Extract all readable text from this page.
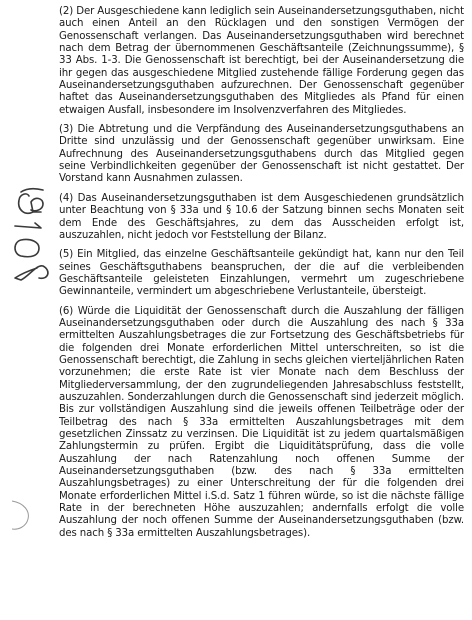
(2) Der Ausgeschiedene kann lediglich sein Auseinandersetzungsguthaben, nicht auch einen Anteil an den Rücklagen und den sonstigen Vermögen der Genossenschaft verlangen. Das Auseinandersetzungsguthaben wird berechnet nach dem Betrag der übernommenen Geschäftsanteile (Zeichnungssumme), § 33 Abs. 1-3. Die Genossenschaft ist berechtigt, bei der Auseinandersetzung die ihr gegen das ausgeschiedene Mitglied zustehende fällige Forderung gegen das Auseinandersetzungsguthaben aufzurechnen. Der Genossenschaft gegenüber haftet das Auseinandersetzungsguthaben des Mitgliedes als Pfand für einen etwaigen Ausfall, insbesondere im Insolvenzverfahren des Mitgliedes.

(3) Die Abtretung und die Verpfändung des Auseinandersetzungsguthabens an Dritte sind unzulässig und der Genossenschaft gegenüber unwirksam. Eine Aufrechnung des Auseinandersetzungsguthabens durch das Mitglied gegen seine Verbindlichkeiten gegenüber der Genossenschaft ist nicht gestattet. Der Vorstand kann Ausnahmen zulassen.

(4) Das Auseinandersetzungsguthaben ist dem Ausgeschiedenen grundsätzlich unter Beachtung von § 33a und § 10.6 der Satzung binnen sechs Monaten seit dem Ende des Geschäftsjahres, zu dem das Ausscheiden erfolgt ist, auszuzahlen, nicht jedoch vor Feststellung der Bilanz.

(5) Ein Mitglied, das einzelne Geschäftsanteile gekündigt hat, kann nur den Teil seines Geschäftsguthabens beanspruchen, der die auf die verbleibenden Geschäftsanteile geleisteten Einzahlungen, vermehrt um zugeschriebene Gewinnanteile, vermindert um abgeschriebene Verlustanteile, übersteigt.

(6) Würde die Liquidität der Genossenschaft durch die Auszahlung der fälligen Auseinandersetzungsguthaben oder durch die Auszahlung des nach § 33a ermittelten Auszahlungsbetrages die zur Fortsetzung des Geschäftsbetriebs für die folgenden drei Monate erforderlichen Mittel unterschreiten, so ist die Genossenschaft berechtigt, die Zahlung in sechs gleichen vierteljährlichen Raten vorzunehmen; die erste Rate ist vier Monate nach dem Beschluss der Mitgliederversammlung, der den zugrundeliegenden Jahresabschluss feststellt, auszuzahlen. Sonderzahlungen durch die Genossenschaft sind jederzeit möglich. Bis zur vollständigen Auszahlung sind die jeweils offenen Teilbeträge oder der Teilbetrag des nach § 33a ermittelten Auszahlungsbetrages mit dem gesetzlichen Zinssatz zu verzinsen. Die Liquidität ist zu jedem quartalsmäßigen Zahlungstermin zu prüfen. Ergibt die Liquiditätsprüfung, dass die volle Auszahlung der nach Ratenzahlung noch offenen Summe der Auseinandersetzungsguthaben (bzw. des nach § 33a ermittelten Auszahlungsbetrages) zu einer Unterschreitung der für die folgenden drei Monate erforderlichen Mittel i.S.d. Satz 1 führen würde, so ist die nächste fällige Rate in der berechneten Höhe auszuzahlen; andernfalls erfolgt die volle Auszahlung der noch offenen Summe der Auseinandersetzungsguthaben (bzw. des nach § 33a ermittelten Auszahlungsbetrages).
